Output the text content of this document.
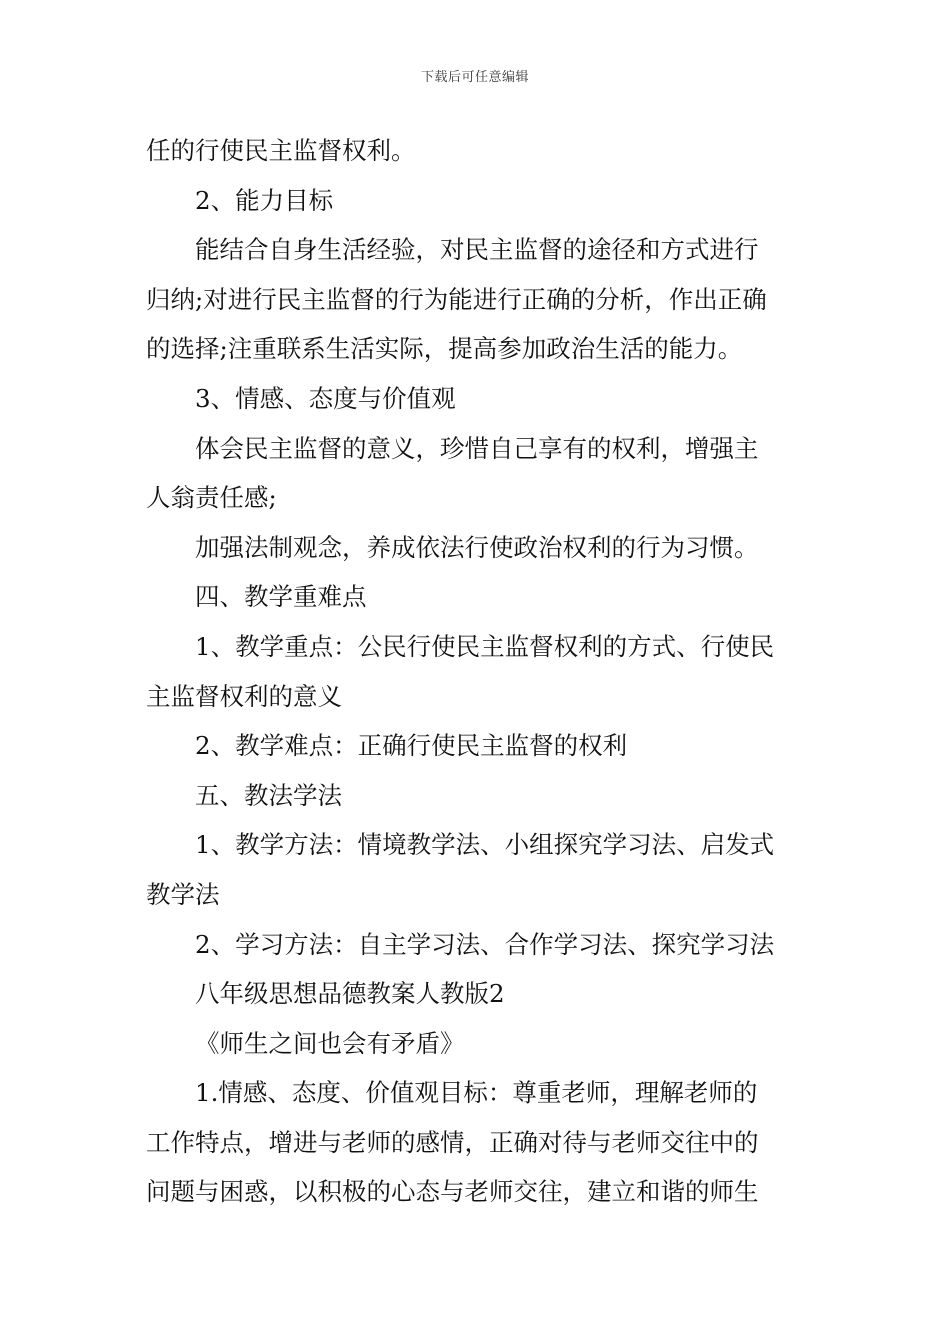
下载后可任意编辑
任的行使民主监督权利。
2、能力目标
能结合自身生活经验，对民主监督的途径和方式进行
归纳;对进行民主监督的行为能进行正确的分析，作出正确
的选择;注重联系生活实际，提高参加政治生活的能力。
3、情感、态度与价值观
体会民主监督的意义，珍惜自己享有的权利，增强主
人翁责任感;
加强法制观念，养成依法行使政治权利的行为习惯。
四、教学重难点
1、教学重点：公民行使民主监督权利的方式、行使民
主监督权利的意义
2、教学难点：正确行使民主监督的权利
五、教法学法
1、教学方法：情境教学法、小组探究学习法、启发式
教学法
2、学习方法：自主学习法、合作学习法、探究学习法
八年级思想品德教案人教版2
《师生之间也会有矛盾》
1.情感、态度、价值观目标：尊重老师，理解老师的
工作特点，增进与老师的感情，正确对待与老师交往中的
问题与困惑，以积极的心态与老师交往，建立和谐的师生
